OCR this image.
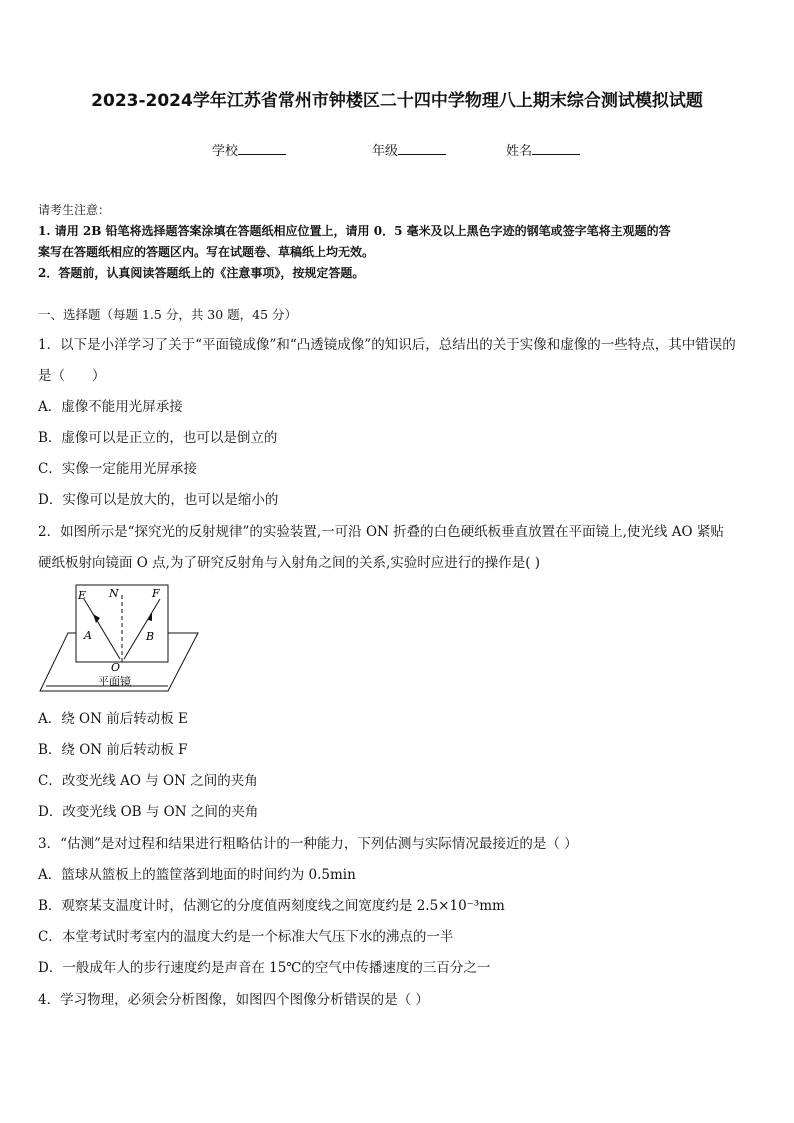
2023-2024学年江苏省常州市钟楼区二十四中学物理八上期末综合测试模拟试题
学校	年级	姓名
请考生注意：
1. 请用 2B 铅笔将选择题答案涂填在答题纸相应位置上，请用 0．5 毫米及以上黑色字迹的钢笔或签字笔将主观题的答
案写在答题纸相应的答题区内。写在试题卷、草稿纸上均无效。
2．答题前，认真阅读答题纸上的《注意事项》，按规定答题。
一、选择题（每题 1.5 分，共 30 题，45 分）
1．以下是小洋学习了关于“平面镜成像”和“凸透镜成像”的知识后，总结出的关于实像和虚像的一些特点，其中错误的
是（　　）
A．虚像不能用光屏承接
B．虚像可以是正立的，也可以是倒立的
C．实像一定能用光屏承接
D．实像可以是放大的，也可以是缩小的
2．如图所示是“探究光的反射规律”的实验装置,一可沿 ON 折叠的白色硬纸板垂直放置在平面镜上,使光线 AO 紧贴
硬纸板射向镜面 O 点,为了研究反射角与入射角之间的关系,实验时应进行的操作是( )
E N	F
A	B
O
平面镜
A．绕 ON 前后转动板 E
B．绕 ON 前后转动板 F
C．改变光线 AO 与 ON 之间的夹角
D．改变光线 OB 与 ON 之间的夹角
3．“估测”是对过程和结果进行粗略估计的一种能力，下列估测与实际情况最接近的是（ ）
A．篮球从篮板上的篮筐落到地面的时间约为 0.5min
B．观察某支温度计时，估测它的分度值两刻度线之间宽度约是 2.5×10⁻³mm
C．本堂考试时考室内的温度大约是一个标准大气压下水的沸点的一半
D．一般成年人的步行速度约是声音在 15℃的空气中传播速度的三百分之一
4．学习物理，必须会分析图像，如图四个图像分析错误的是（ ）
